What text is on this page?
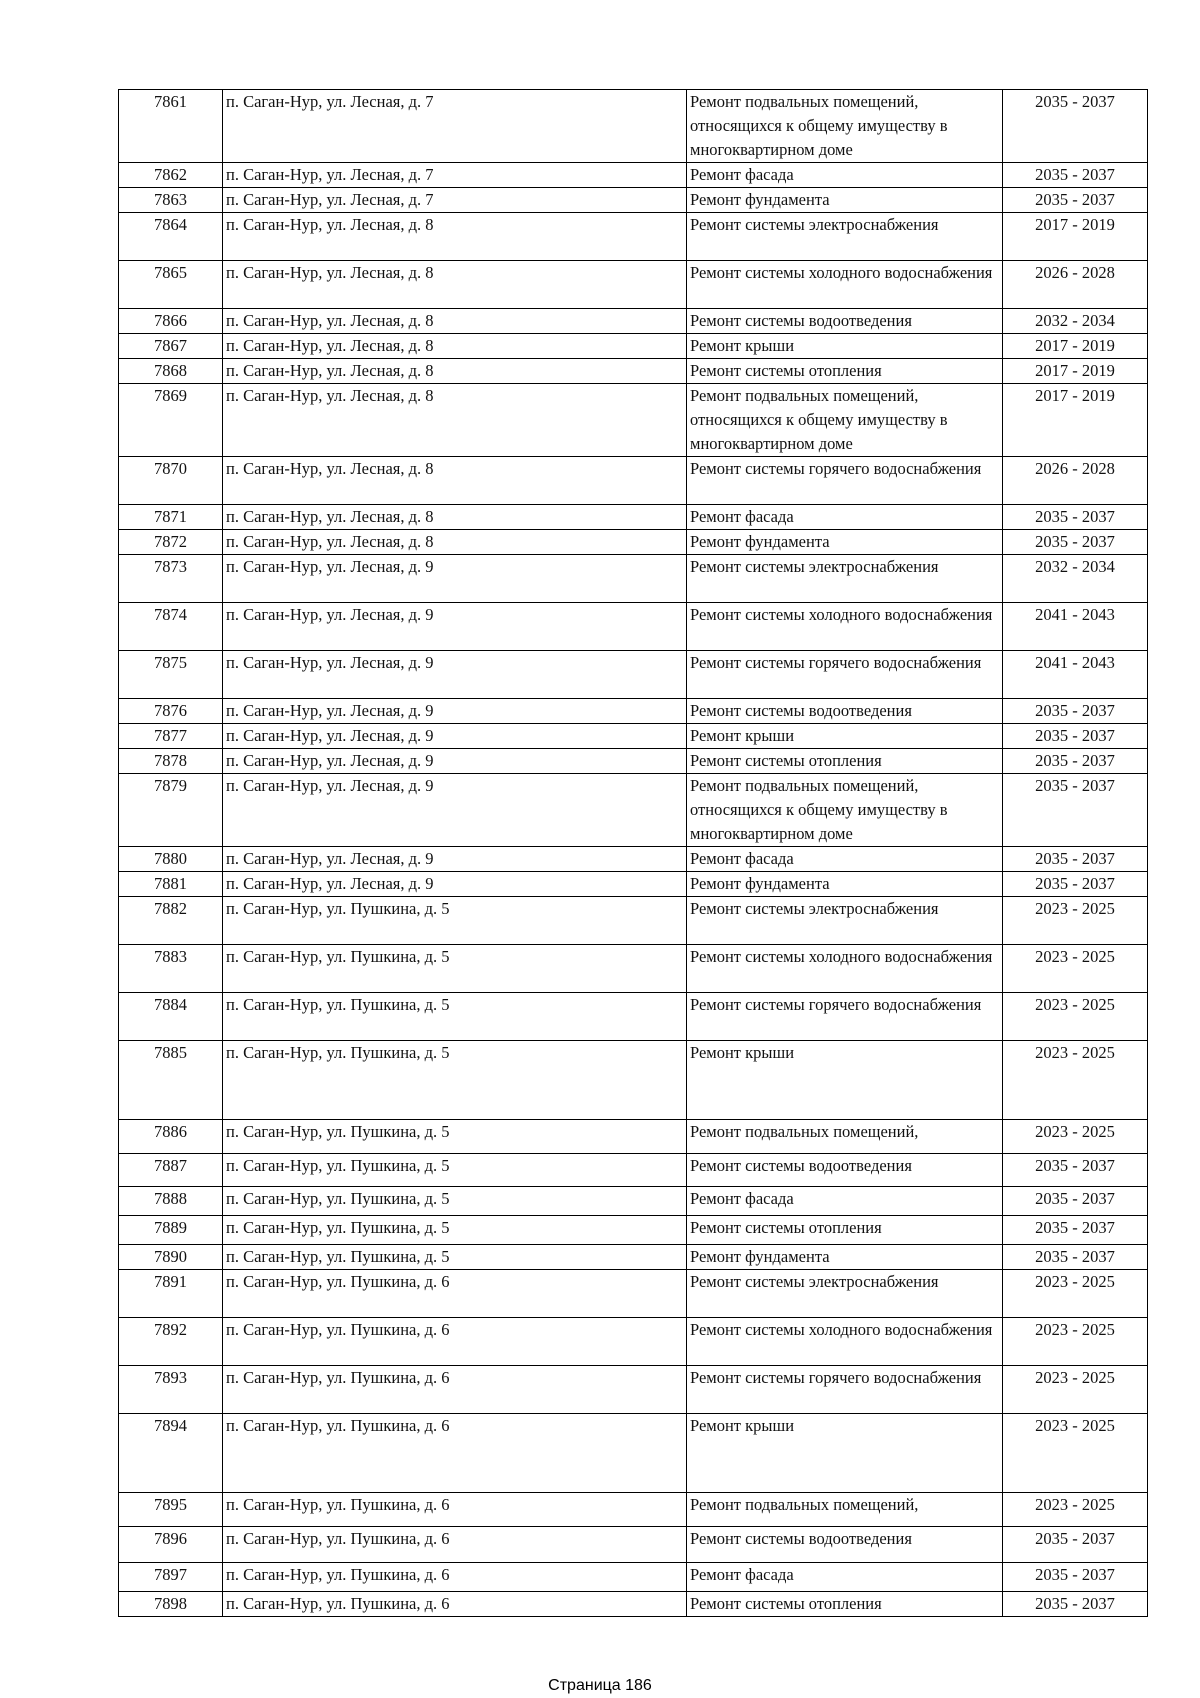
7861	п. Саган-Нур, ул. Лесная, д. 7	Ремонт подвальных помещений, относящихся к общему имуществу в многоквартирном доме	2035 - 2037
7862	п. Саган-Нур, ул. Лесная, д. 7	Ремонт фасада	2035 - 2037
7863	п. Саган-Нур, ул. Лесная, д. 7	Ремонт фундамента	2035 - 2037
7864	п. Саган-Нур, ул. Лесная, д. 8	Ремонт системы электроснабжения	2017 - 2019
7865	п. Саган-Нур, ул. Лесная, д. 8	Ремонт системы холодного водоснабжения	2026 - 2028
7866	п. Саган-Нур, ул. Лесная, д. 8	Ремонт системы водоотведения	2032 - 2034
7867	п. Саган-Нур, ул. Лесная, д. 8	Ремонт крыши	2017 - 2019
7868	п. Саган-Нур, ул. Лесная, д. 8	Ремонт системы отопления	2017 - 2019
7869	п. Саган-Нур, ул. Лесная, д. 8	Ремонт подвальных помещений, относящихся к общему имуществу в многоквартирном доме	2017 - 2019
7870	п. Саган-Нур, ул. Лесная, д. 8	Ремонт системы горячего водоснабжения	2026 - 2028
7871	п. Саган-Нур, ул. Лесная, д. 8	Ремонт фасада	2035 - 2037
7872	п. Саган-Нур, ул. Лесная, д. 8	Ремонт фундамента	2035 - 2037
7873	п. Саган-Нур, ул. Лесная, д. 9	Ремонт системы электроснабжения	2032 - 2034
7874	п. Саган-Нур, ул. Лесная, д. 9	Ремонт системы холодного водоснабжения	2041 - 2043
7875	п. Саган-Нур, ул. Лесная, д. 9	Ремонт системы горячего водоснабжения	2041 - 2043
7876	п. Саган-Нур, ул. Лесная, д. 9	Ремонт системы водоотведения	2035 - 2037
7877	п. Саган-Нур, ул. Лесная, д. 9	Ремонт крыши	2035 - 2037
7878	п. Саган-Нур, ул. Лесная, д. 9	Ремонт системы отопления	2035 - 2037
7879	п. Саган-Нур, ул. Лесная, д. 9	Ремонт подвальных помещений, относящихся к общему имуществу в многоквартирном доме	2035 - 2037
7880	п. Саган-Нур, ул. Лесная, д. 9	Ремонт фасада	2035 - 2037
7881	п. Саган-Нур, ул. Лесная, д. 9	Ремонт фундамента	2035 - 2037
7882	п. Саган-Нур, ул. Пушкина, д. 5	Ремонт системы электроснабжения	2023 - 2025
7883	п. Саган-Нур, ул. Пушкина, д. 5	Ремонт системы холодного водоснабжения	2023 - 2025
7884	п. Саган-Нур, ул. Пушкина, д. 5	Ремонт системы горячего водоснабжения	2023 - 2025
7885	п. Саган-Нур, ул. Пушкина, д. 5	Ремонт крыши	2023 - 2025
7886	п. Саган-Нур, ул. Пушкина, д. 5	Ремонт подвальных помещений,	2023 - 2025
7887	п. Саган-Нур, ул. Пушкина, д. 5	Ремонт системы водоотведения	2035 - 2037
7888	п. Саган-Нур, ул. Пушкина, д. 5	Ремонт фасада	2035 - 2037
7889	п. Саган-Нур, ул. Пушкина, д. 5	Ремонт системы отопления	2035 - 2037
7890	п. Саган-Нур, ул. Пушкина, д. 5	Ремонт фундамента	2035 - 2037
7891	п. Саган-Нур, ул. Пушкина, д. 6	Ремонт системы электроснабжения	2023 - 2025
7892	п. Саган-Нур, ул. Пушкина, д. 6	Ремонт системы холодного водоснабжения	2023 - 2025
7893	п. Саган-Нур, ул. Пушкина, д. 6	Ремонт системы горячего водоснабжения	2023 - 2025
7894	п. Саган-Нур, ул. Пушкина, д. 6	Ремонт крыши	2023 - 2025
7895	п. Саган-Нур, ул. Пушкина, д. 6	Ремонт подвальных помещений,	2023 - 2025
7896	п. Саган-Нур, ул. Пушкина, д. 6	Ремонт системы водоотведения	2035 - 2037
7897	п. Саган-Нур, ул. Пушкина, д. 6	Ремонт фасада	2035 - 2037
7898	п. Саган-Нур, ул. Пушкина, д. 6	Ремонт системы отопления	2035 - 2037
Страница 186
